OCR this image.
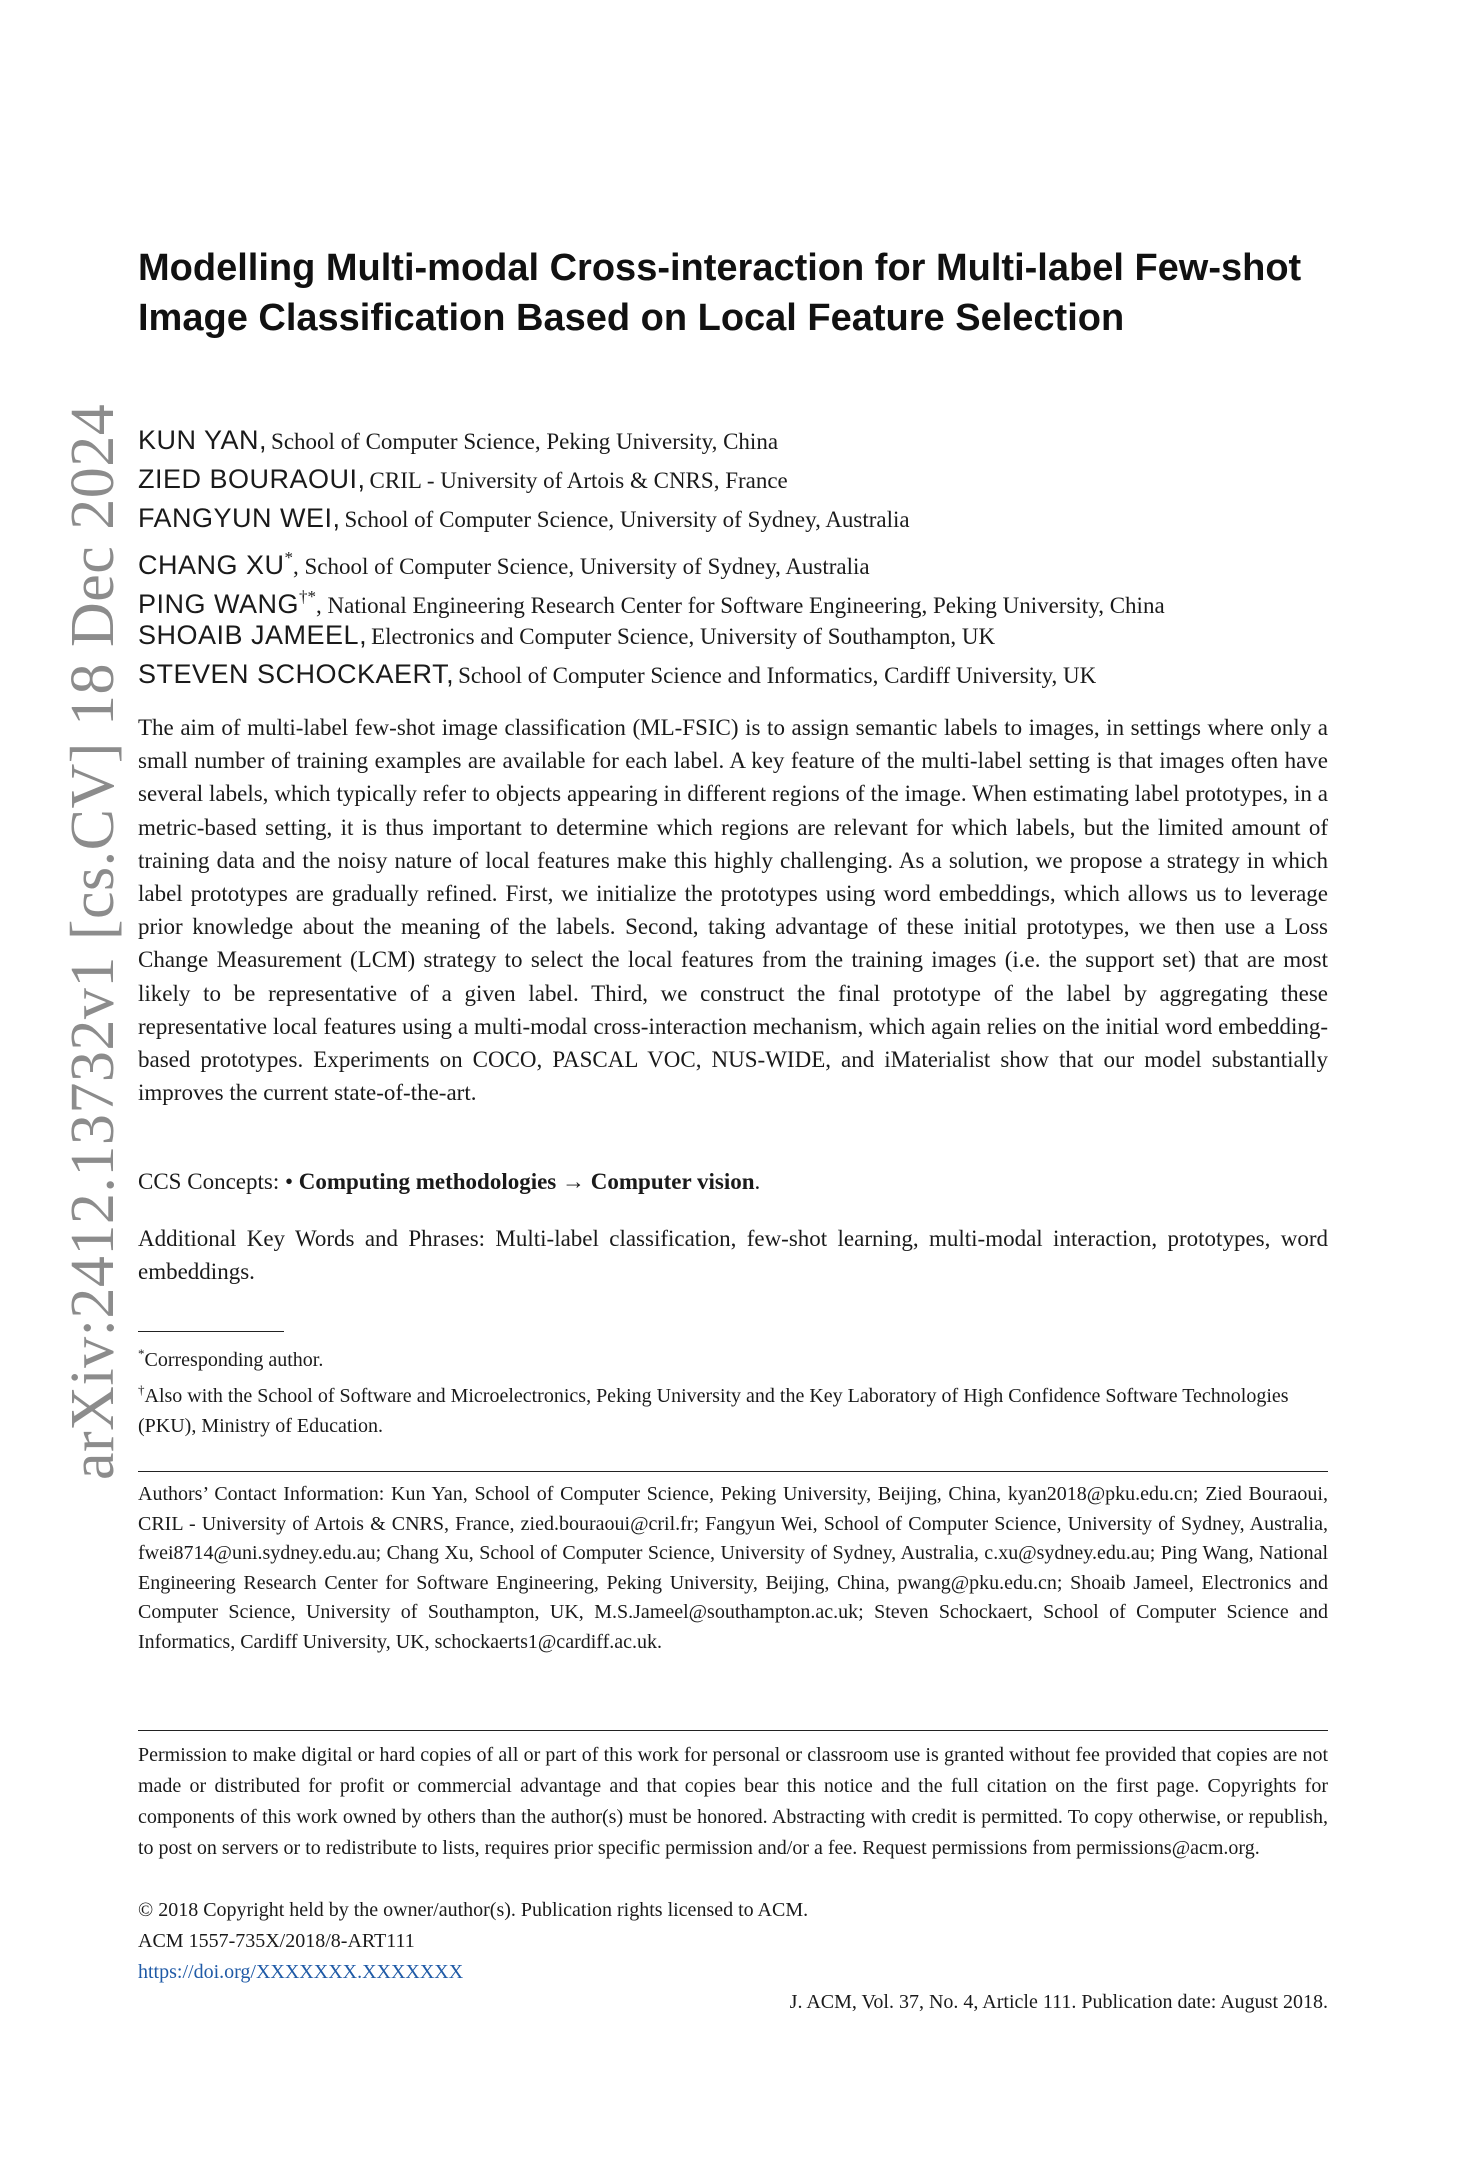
arXiv:2412.13732v1 [cs.CV] 18 Dec 2024
Modelling Multi-modal Cross-interaction for Multi-label Few-shot Image Classification Based on Local Feature Selection
KUN YAN, School of Computer Science, Peking University, China
ZIED BOURAOUI, CRIL - University of Artois & CNRS, France
FANGYUN WEI, School of Computer Science, University of Sydney, Australia
CHANG XU*, School of Computer Science, University of Sydney, Australia
PING WANG†*, National Engineering Research Center for Software Engineering, Peking University, China
SHOAIB JAMEEL, Electronics and Computer Science, University of Southampton, UK
STEVEN SCHOCKAERT, School of Computer Science and Informatics, Cardiff University, UK

The aim of multi-label few-shot image classification (ML-FSIC) is to assign semantic labels to images, in settings where only a small number of training examples are available for each label. A key feature of the multi-label setting is that images often have several labels, which typically refer to objects appearing in different regions of the image. When estimating label prototypes, in a metric-based setting, it is thus important to determine which regions are relevant for which labels, but the limited amount of training data and the noisy nature of local features make this highly challenging. As a solution, we propose a strategy in which label prototypes are gradually refined. First, we initialize the prototypes using word embeddings, which allows us to leverage prior knowledge about the meaning of the labels. Second, taking advantage of these initial prototypes, we then use a Loss Change Measurement (LCM) strategy to select the local features from the training images (i.e. the support set) that are most likely to be representative of a given label. Third, we construct the final prototype of the label by aggregating these representative local features using a multi-modal cross-interaction mechanism, which again relies on the initial word embedding-based prototypes. Experiments on COCO, PASCAL VOC, NUS-WIDE, and iMaterialist show that our model substantially improves the current state-of-the-art.

CCS Concepts: • Computing methodologies → Computer vision.
Additional Key Words and Phrases: Multi-label classification, few-shot learning, multi-modal interaction, prototypes, word embeddings.
*Corresponding author.
†Also with the School of Software and Microelectronics, Peking University and the Key Laboratory of High Confidence Software Technologies (PKU), Ministry of Education.

Authors’ Contact Information: Kun Yan, School of Computer Science, Peking University, Beijing, China, kyan2018@pku.edu.cn; Zied Bouraoui, CRIL - University of Artois & CNRS, France, zied.bouraoui@cril.fr; Fangyun Wei, School of Computer Science, University of Sydney, Australia, fwei8714@uni.sydney.edu.au; Chang Xu, School of Computer Science, University of Sydney, Australia, c.xu@sydney.edu.au; Ping Wang, National Engineering Research Center for Software Engineering, Peking University, Beijing, China, pwang@pku.edu.cn; Shoaib Jameel, Electronics and Computer Science, University of Southampton, UK, M.S.Jameel@southampton.ac.uk; Steven Schockaert, School of Computer Science and Informatics, Cardiff University, UK, schockaerts1@cardiff.ac.uk.

Permission to make digital or hard copies of all or part of this work for personal or classroom use is granted without fee provided that copies are not made or distributed for profit or commercial advantage and that copies bear this notice and the full citation on the first page. Copyrights for components of this work owned by others than the author(s) must be honored. Abstracting with credit is permitted. To copy otherwise, or republish, to post on servers or to redistribute to lists, requires prior specific permission and/or a fee. Request permissions from permissions@acm.org.

© 2018 Copyright held by the owner/author(s). Publication rights licensed to ACM.
ACM 1557-735X/2018/8-ART111
https://doi.org/XXXXXXX.XXXXXXX
J. ACM, Vol. 37, No. 4, Article 111. Publication date: August 2018.
